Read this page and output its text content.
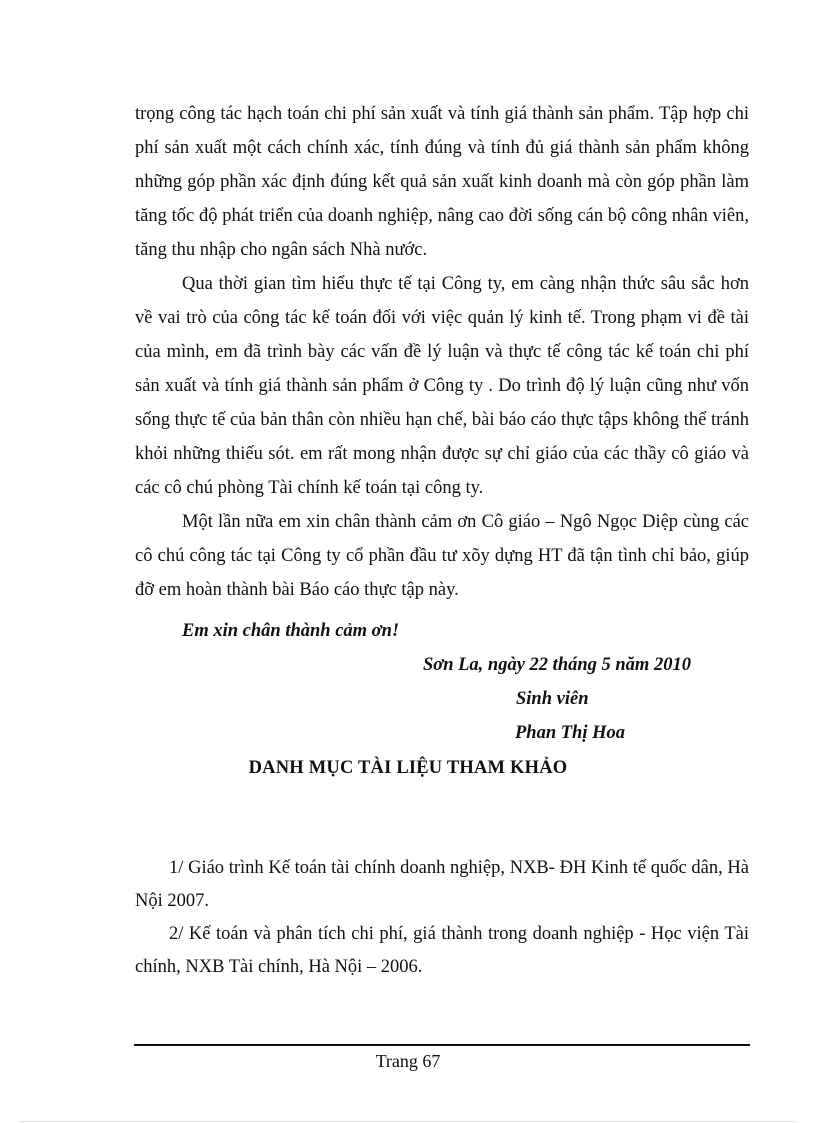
trọng công tác hạch toán chi phí sản xuất và tính giá thành sản phẩm. Tập hợp chi phí sản xuất một cách chính xác, tính đúng và tính đủ giá thành sản phẩm không những góp phần xác định đúng kết quả sản xuất kinh doanh mà còn góp phần làm tăng tốc độ phát triển của doanh nghiệp, nâng cao đời sống cán bộ công nhân viên, tăng thu nhập cho ngân sách Nhà nước.

Qua thời gian tìm hiểu thực tế tại Công ty, em càng nhận thức sâu sắc hơn về vai trò của công tác kế toán đối với việc quản lý kinh tế. Trong phạm vi đề tài của mình, em đã trình bày các vấn đề lý luận và thực tế công tác kế toán chi phí sản xuất và tính giá thành sản phẩm ở Công ty . Do trình độ lý luận cũng như vốn sống thực tế của bản thân còn nhiều hạn chế, bài báo cáo thực tậps không thể tránh khỏi những thiếu sót. em rất mong nhận được sự chỉ giáo của các thầy cô giáo và các cô chú phòng Tài chính kế toán tại công ty.

Một lần nữa em xin chân thành cảm ơn Cô giáo – Ngô Ngọc Diệp cùng các cô chú công tác tại Công ty cổ phần đầu tư xõy dựng HT đã tận tình chỉ bảo, giúp đỡ em hoàn thành bài Báo cáo thực tập này.

Em xin chân thành cảm ơn!
Sơn La, ngày 22 tháng 5 năm 2010
Sinh viên
Phan Thị Hoa
DANH MỤC TÀI LIỆU THAM KHẢO

1/ Giáo trình Kế toán tài chính doanh nghiệp, NXB- ĐH Kinh tế quốc dân, Hà Nội 2007.

2/ Kế toán và phân tích chi phí, giá thành trong doanh nghiệp - Học viện Tài chính, NXB Tài chính, Hà Nội – 2006.

Trang 67
